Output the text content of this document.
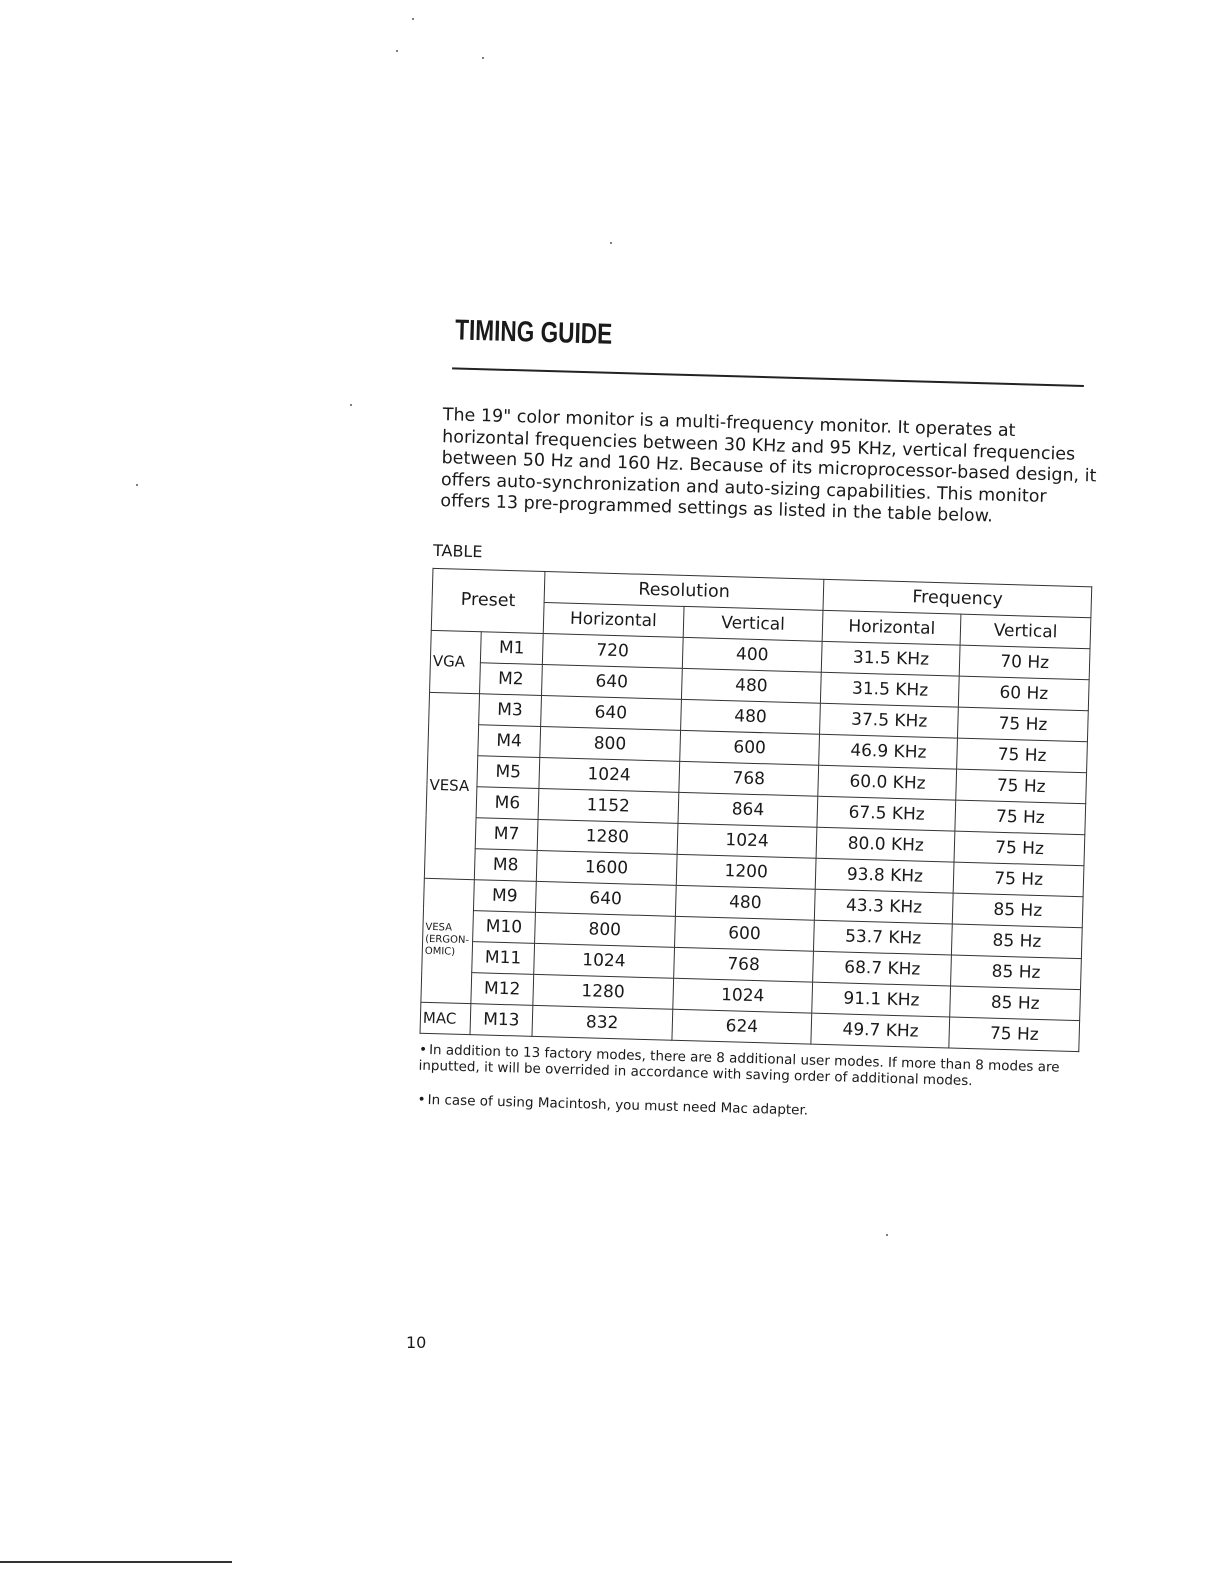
TIMING GUIDE

The 19" color monitor is a multi-frequency monitor. It operates at horizontal frequencies between 30 KHz and 95 KHz, vertical frequencies between 50 Hz and 160 Hz. Because of its microprocessor-based design, it offers auto-synchronization and auto-sizing capabilities. This monitor offers 13 pre-programmed settings as listed in the table below.

TABLE
Preset		Resolution		Frequency	
		Horizontal	Vertical	Horizontal	Vertical
VGA	M1	720	400	31.5 KHz	70 Hz
	M2	640	480	31.5 KHz	60 Hz
VESA	M3	640	480	37.5 KHz	75 Hz
	M4	800	600	46.9 KHz	75 Hz
	M5	1024	768	60.0 KHz	75 Hz
	M6	1152	864	67.5 KHz	75 Hz
	M7	1280	1024	80.0 KHz	75 Hz
	M8	1600	1200	93.8 KHz	75 Hz
VESA (ERGON-OMIC)	M9	640	480	43.3 KHz	85 Hz
	M10	800	600	53.7 KHz	85 Hz
	M11	1024	768	68.7 KHz	85 Hz
	M12	1280	1024	91.1 KHz	85 Hz
MAC	M13	832	624	49.7 KHz	75 Hz

• In addition to 13 factory modes, there are 8 additional user modes. If more than 8 modes are inputted, it will be overrided in accordance with saving order of additional modes.

• In case of using Macintosh, you must need Mac adapter.

10
